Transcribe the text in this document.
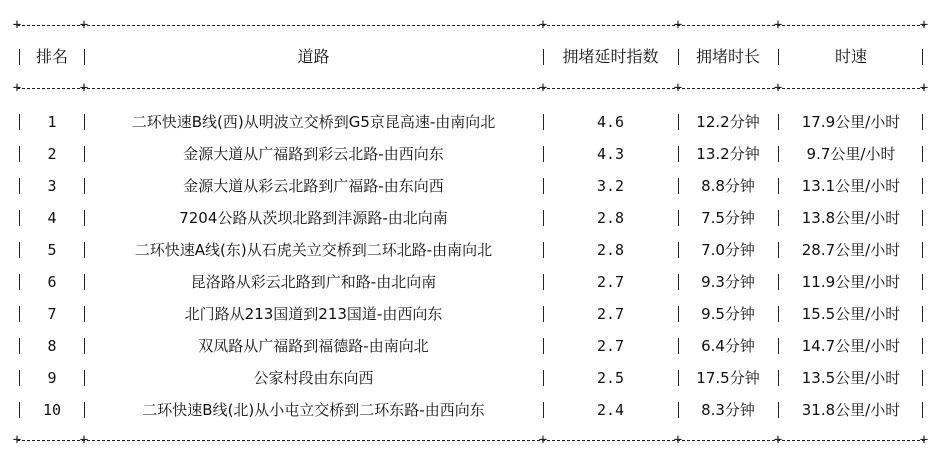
+	+	+	+	+	+
排名	道路	拥堵延时指数	拥堵时长	时速
+	+	+	+	+	+
1	二环快速B线(西)从明波立交桥到G5京昆高速-由南向北	4.6	12.2分钟	17.9公里/小时
2	金源大道从广福路到彩云北路-由西向东	4.3	13.2分钟	9.7公里/小时
3	金源大道从彩云北路到广福路-由东向西	3.2	8.8分钟	13.1公里/小时
4	7204公路从茨坝北路到沣源路-由北向南	2.8	7.5分钟	13.8公里/小时
5	二环快速A线(东)从石虎关立交桥到二环北路-由南向北	2.8	7.0分钟	28.7公里/小时
6	昆洛路从彩云北路到广和路-由北向南	2.7	9.3分钟	11.9公里/小时
7	北门路从213国道到213国道-由西向东	2.7	9.5分钟	15.5公里/小时
8	双凤路从广福路到福德路-由南向北	2.7	6.4分钟	14.7公里/小时
9	公家村段由东向西	2.5	17.5分钟	13.5公里/小时
10	二环快速B线(北)从小屯立交桥到二环东路-由西向东	2.4	8.3分钟	31.8公里/小时
+	+	+	+	+	+
